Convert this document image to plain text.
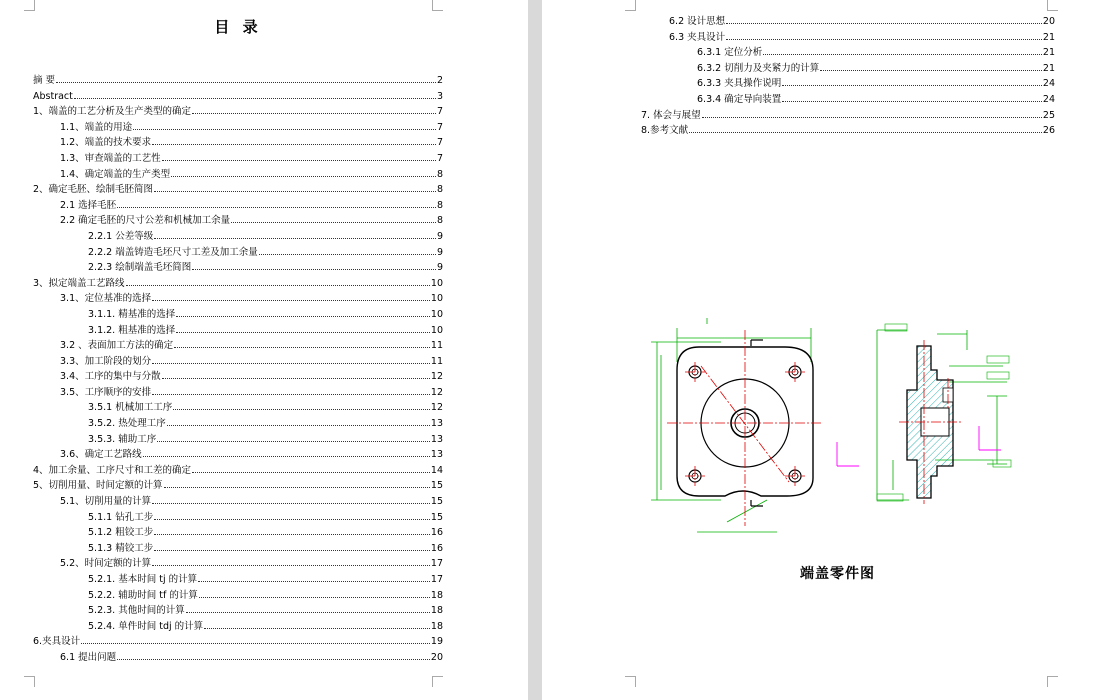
目 录
摘 要	2
Abstract	3
1、端盖的工艺分析及生产类型的确定	7
1.1、端盖的用途	7
1.2、端盖的技术要求	7
1.3、审查端盖的工艺性	7
1.4、确定端盖的生产类型	8
2、确定毛胚、绘制毛胚简图	8
2.1 选择毛胚	8
2.2 确定毛胚的尺寸公差和机械加工余量	8
2.2.1 公差等级	9
2.2.2 端盖铸造毛坯尺寸工差及加工余量	9
2.2.3 绘制端盖毛坯简图	9
3、拟定端盖工艺路线	10
3.1、定位基准的选择	10
3.1.1. 精基准的选择	10
3.1.2. 粗基准的选择	10
3.2 、表面加工方法的确定	11
3.3、加工阶段的划分	11
3.4、工序的集中与分散	12
3.5、工序顺序的安排	12
3.5.1 机械加工工序	12
3.5.2. 热处理工序	13
3.5.3. 辅助工序	13
3.6、确定工艺路线	13
4、加工余量、工序尺寸和工差的确定	14
5、切削用量、时间定额的计算	15
5.1、切削用量的计算	15
5.1.1 钻孔工步	15
5.1.2 粗铰工步	16
5.1.3 精铰工步	16
5.2、时间定额的计算	17
5.2.1. 基本时间 tj 的计算	17
5.2.2. 辅助时间 tf 的计算	18
5.2.3. 其他时间的计算	18
5.2.4. 单件时间 tdj 的计算	18
6.夹具设计	19
6.1 提出问题	20
6.2 设计思想	20
6.3 夹具设计	21
6.3.1 定位分析	21
6.3.2 切削力及夹紧力的计算	21
6.3.3 夹具操作说明	24
6.3.4 确定导向装置	24
7. 体会与展望	25
8.参考文献	26
端盖零件图
